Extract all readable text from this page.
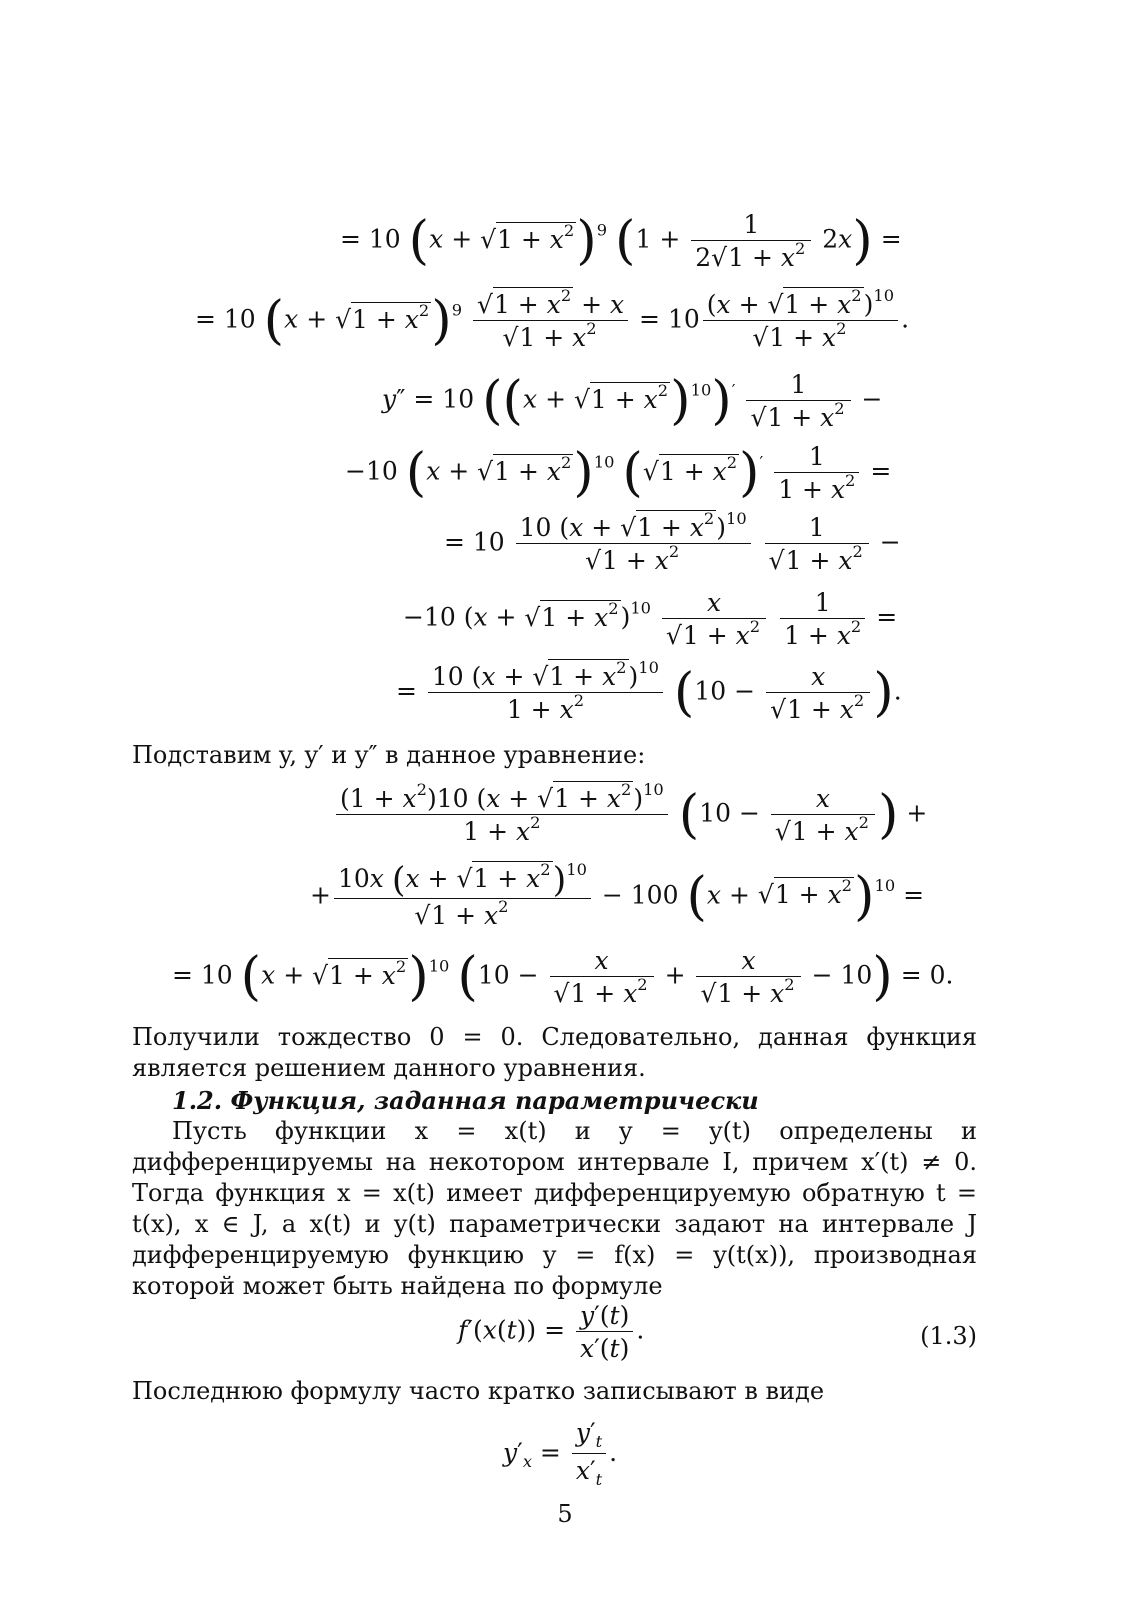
= 10 $(x + √1 + x^2)^9$ $(1 + \frac{1}{2√1 + x^2} 2x)$ =
= 10 $(x + √1 + x^2)^9 \frac{√1 + x^2 + x}{√1 + x^2} = 10 \frac{(x + √1 + x^2)^{10}}{√1 + x^2}$ .
y″ = 10 $((x + √1 + x^2)^{10})' \frac{1}{√1 + x^2}$ −
−10 $(x + √1 + x^2)^{10}$ $(√1 + x^2)' \frac{1}{1 + x^2}$ =
= $10 \frac{10 (x + √1 + x^2)^{10}}{√1 + x^2}$
$\frac{1}{√1 + x^2}$ −
−10 $(x + √1 + x^2)^{10} \frac{x}{√1 + x^2}$
$\frac{1}{1 + x^2}$ =
= $\frac{10 (x + √1 + x^2)^{10}}{1 + x^2} (10 - \frac{x}{√1 + x^2}$ ).
Подставим y, y′ и y″ в данное уравнение:
$\frac{(1 + x^2)10 (x + √1 + x^2)^{10}}{1 + x^2} (10 - \frac{x}{√1 + x^2}$ ) +
+ $\frac{10x (x + √1 + x^2)^{10}}{√1 + x^2} - 100$ $(x + √1 + x^2)^{10}$ =
= 10 $(x + √1 + x^2)^{10}$ $(10 - \frac{x}{√1 + x^2} + \frac{x}{√1 + x^2} - 10) = 0$.
Получили тождество 0 = 0. Следовательно, данная функция является решением данного уравнения.
1.2. Функция, заданная параметрически
Пусть функции x = x(t) и y = y(t) определены и дифференцируемы на некотором интервале I, причем x′(t) ≠ 0. Тогда функция x = x(t) имеет дифференцируемую обратную t = t(x), x ∈ J, а x(t) и y(t) параметрически задают на интервале J дифференцируемую функцию y = f(x) = y(t(x)), производная которой может быть найдена по формуле
$f'(x(t)) = \frac{y'(t)}{x'(t)}$ .	(1.3)
Последнюю формулу часто кратко записывают в виде
$y'_x = \frac{y'_t}{x'_t}$ .
5
